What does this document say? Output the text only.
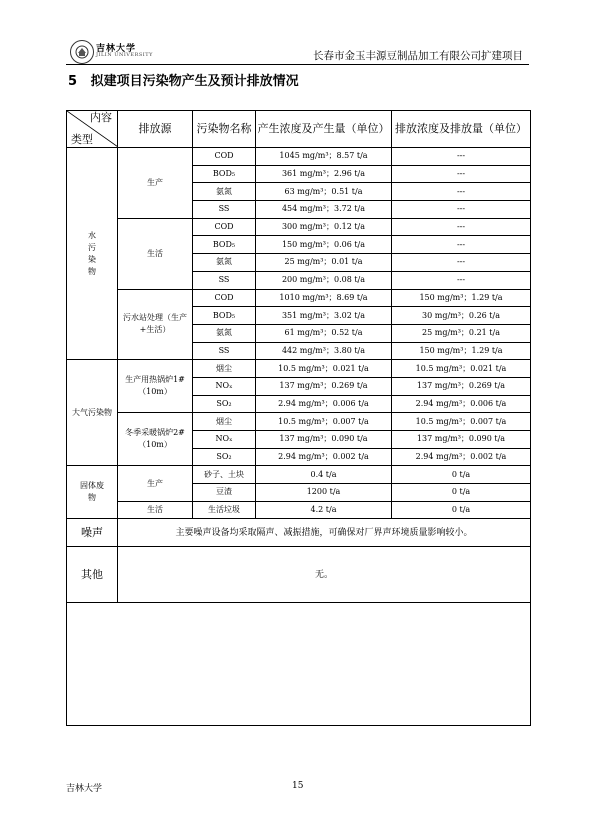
吉林大学
JILIN UNIVERSITY	长春市金玉丰源豆制品加工有限公司扩建项目
5 拟建项目污染物产生及预计排放情况
内容
类型	排放源	污染物名称	产生浓度及产生量（单位）	排放浓度及排放量（单位）
水污染物	生产	COD	1045 mg/m³；8.57 t/a	---
		BOD₅	361 mg/m³；2.96 t/a	---
		氨氮	63 mg/m³；0.51 t/a	---
		SS	454 mg/m³；3.72 t/a	---
	生活	COD	300 mg/m³；0.12 t/a	---
		BOD₅	150 mg/m³；0.06 t/a	---
		氨氮	25 mg/m³；0.01 t/a	---
		SS	200 mg/m³；0.08 t/a	---
	污水站处理（生产+生活）	COD	1010 mg/m³；8.69 t/a	150 mg/m³；1.29 t/a
		BOD₅	351 mg/m³；3.02 t/a	30 mg/m³；0.26 t/a
		氨氮	61 mg/m³；0.52 t/a	25 mg/m³；0.21 t/a
		SS	442 mg/m³；3.80 t/a	150 mg/m³；1.29 t/a
大气污染物	生产用热锅炉1#（10m）	烟尘	10.5 mg/m³；0.021 t/a	10.5 mg/m³；0.021 t/a
		NOₓ	137 mg/m³；0.269 t/a	137 mg/m³；0.269 t/a
		SO₂	2.94 mg/m³；0.006 t/a	2.94 mg/m³；0.006 t/a
	冬季采暖锅炉2#（10m）	烟尘	10.5 mg/m³；0.007 t/a	10.5 mg/m³；0.007 t/a
		NOₓ	137 mg/m³；0.090 t/a	137 mg/m³；0.090 t/a
		SO₂	2.94 mg/m³；0.002 t/a	2.94 mg/m³；0.002 t/a
固体废物	生产	砂子、土块	0.4 t/a	0 t/a
		豆渣	1200 t/a	0 t/a
	生活	生活垃圾	4.2 t/a	0 t/a
噪声	主要噪声设备均采取隔声、减振措施，可确保对厂界声环境质量影响较小。			
其他	无。			

吉林大学	15
